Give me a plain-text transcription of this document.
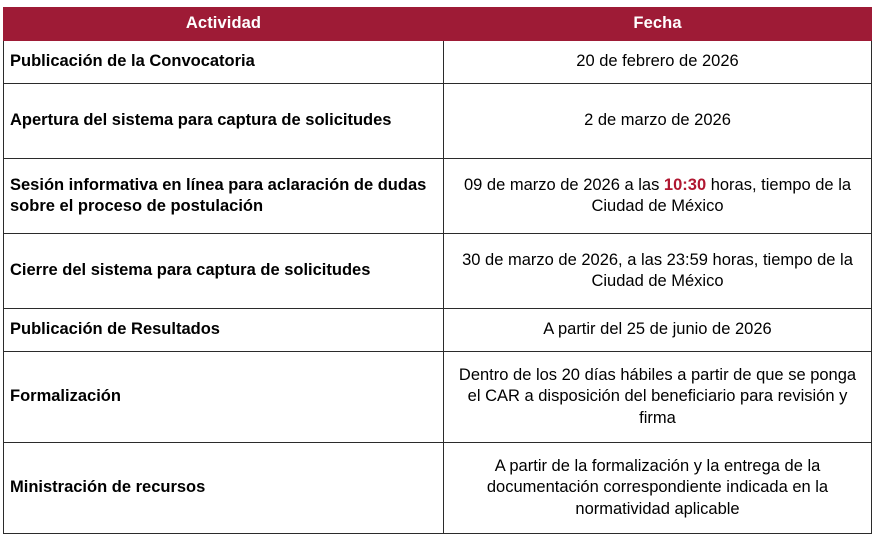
Actividad	Fecha
Publicación de la Convocatoria	20 de febrero de 2026
Apertura del sistema para captura de solicitudes	2 de marzo de 2026
Sesión informativa en línea para aclaración de dudas sobre el proceso de postulación	09 de marzo de 2026 a las 10:30 horas, tiempo de la Ciudad de México
Cierre del sistema para captura de solicitudes	30 de marzo de 2026, a las 23:59 horas, tiempo de la Ciudad de México
Publicación de Resultados	A partir del 25 de junio de 2026
Formalización	Dentro de los 20 días hábiles a partir de que se ponga el CAR a disposición del beneficiario para revisión y firma
Ministración de recursos	A partir de la formalización y la entrega de la documentación correspondiente indicada en la normatividad aplicable
